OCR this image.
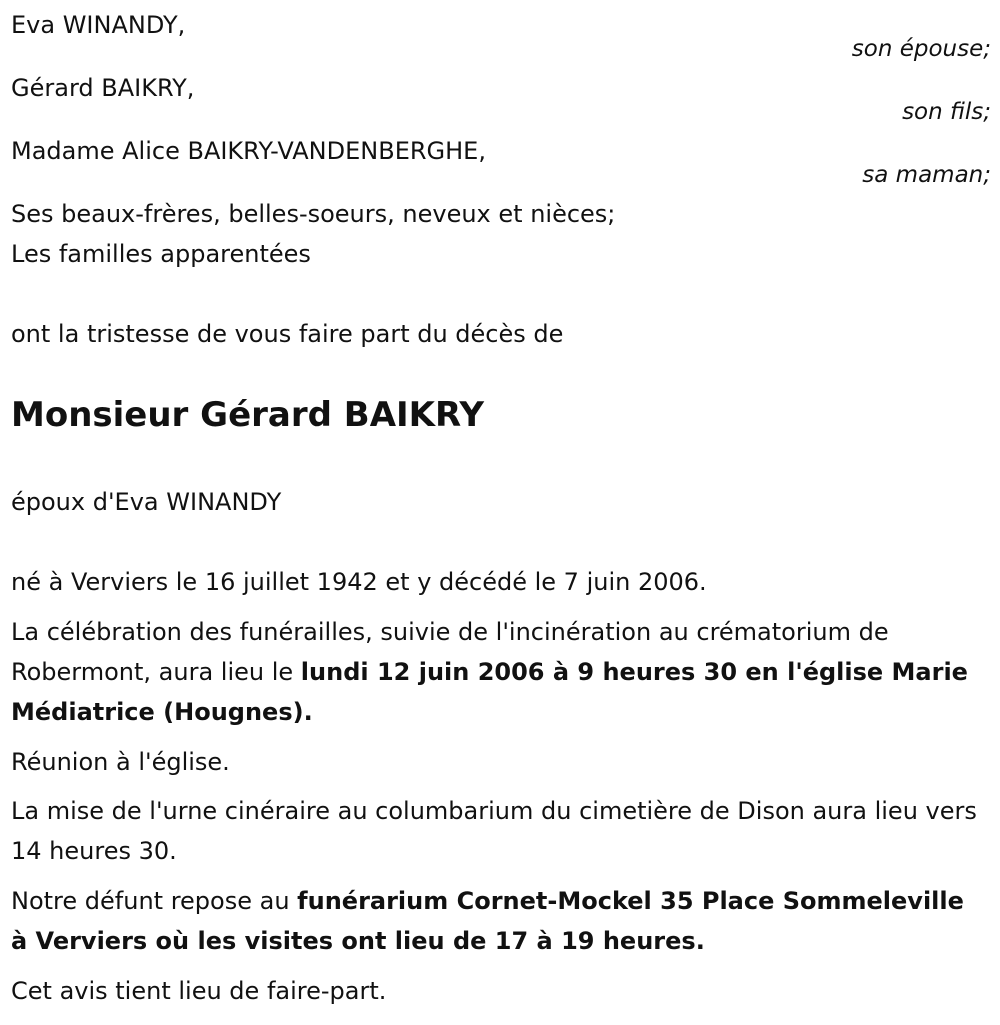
Eva WINANDY,
son épouse;
Gérard BAIKRY,
son fils;
Madame Alice BAIKRY-VANDENBERGHE,
sa maman;
Ses beaux-frères, belles-soeurs, neveux et nièces;
Les familles apparentées
ont la tristesse de vous faire part du décès de
Monsieur Gérard BAIKRY
époux d'Eva WINANDY
né à Verviers le 16 juillet 1942 et y décédé le 7 juin 2006.
La célébration des funérailles, suivie de l'incinération au crématorium de Robermont, aura lieu le lundi 12 juin 2006 à 9 heures 30 en l'église Marie Médiatrice (Hougnes).
Réunion à l'église.
La mise de l'urne cinéraire au columbarium du cimetière de Dison aura lieu vers 14 heures 30.
Notre défunt repose au funérarium Cornet-Mockel 35 Place Sommeleville à Verviers où les visites ont lieu de 17 à 19 heures.
Cet avis tient lieu de faire-part.
